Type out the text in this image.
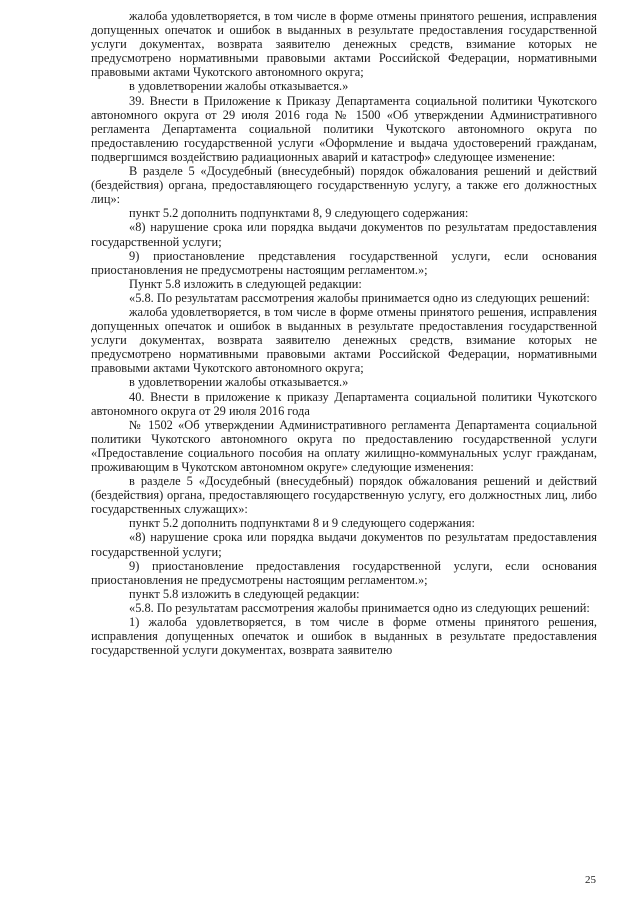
жалоба удовлетворяется, в том числе в форме отмены принятого решения, исправления допущенных опечаток и ошибок в выданных в результате предоставления государственной услуги документах, возврата заявителю денежных средств, взимание которых не предусмотрено нормативными правовыми актами Российской Федерации, нормативными правовыми актами Чукотского автономного округа;

в удовлетворении жалобы отказывается.»

39. Внести в Приложение к Приказу Департамента социальной политики Чукотского автономного округа от 29 июля 2016 года № 1500 «Об утверждении Административного регламента Департамента социальной политики Чукотского автономного округа по предоставлению государственной услуги «Оформление и выдача удостоверений гражданам, подвергшимся воздействию радиационных аварий и катастроф» следующее изменение:

В разделе 5 «Досудебный (внесудебный) порядок обжалования решений и действий (бездействия) органа, предоставляющего государственную услугу, а также его должностных лиц»:

пункт 5.2 дополнить подпунктами 8, 9 следующего содержания:

«8) нарушение срока или порядка выдачи документов по результатам предоставления государственной услуги;

9) приостановление представления государственной услуги, если основания приостановления не предусмотрены настоящим регламентом.»;

Пункт 5.8 изложить в следующей редакции:

«5.8. По результатам рассмотрения жалобы принимается одно из следующих решений:

жалоба удовлетворяется, в том числе в форме отмены принятого решения, исправления допущенных опечаток и ошибок в выданных в результате предоставления государственной услуги документах, возврата заявителю денежных средств, взимание которых не предусмотрено нормативными правовыми актами Российской Федерации, нормативными правовыми актами Чукотского автономного округа;

в удовлетворении жалобы отказывается.»

40. Внести в приложение к приказу Департамента социальной политики Чукотского автономного округа от 29 июля 2016 года

№ 1502 «Об утверждении Административного регламента Департамента социальной политики Чукотского автономного округа по предоставлению государственной услуги «Предоставление социального пособия на оплату жилищно-коммунальных услуг гражданам, проживающим в Чукотском автономном округе» следующие изменения:

в разделе 5 «Досудебный (внесудебный) порядок обжалования решений и действий (бездействия) органа, предоставляющего государственную услугу, его должностных лиц, либо государственных служащих»:

пункт 5.2 дополнить подпунктами 8 и 9 следующего содержания:

«8) нарушение срока или порядка выдачи документов по результатам предоставления государственной услуги;

9) приостановление предоставления государственной услуги, если основания приостановления не предусмотрены настоящим регламентом.»;

пункт 5.8 изложить в следующей редакции:

«5.8. По результатам рассмотрения жалобы принимается одно из следующих решений:

1) жалоба удовлетворяется, в том числе в форме отмены принятого решения, исправления допущенных опечаток и ошибок в выданных в результате предоставления государственной услуги документах, возврата заявителю

25
